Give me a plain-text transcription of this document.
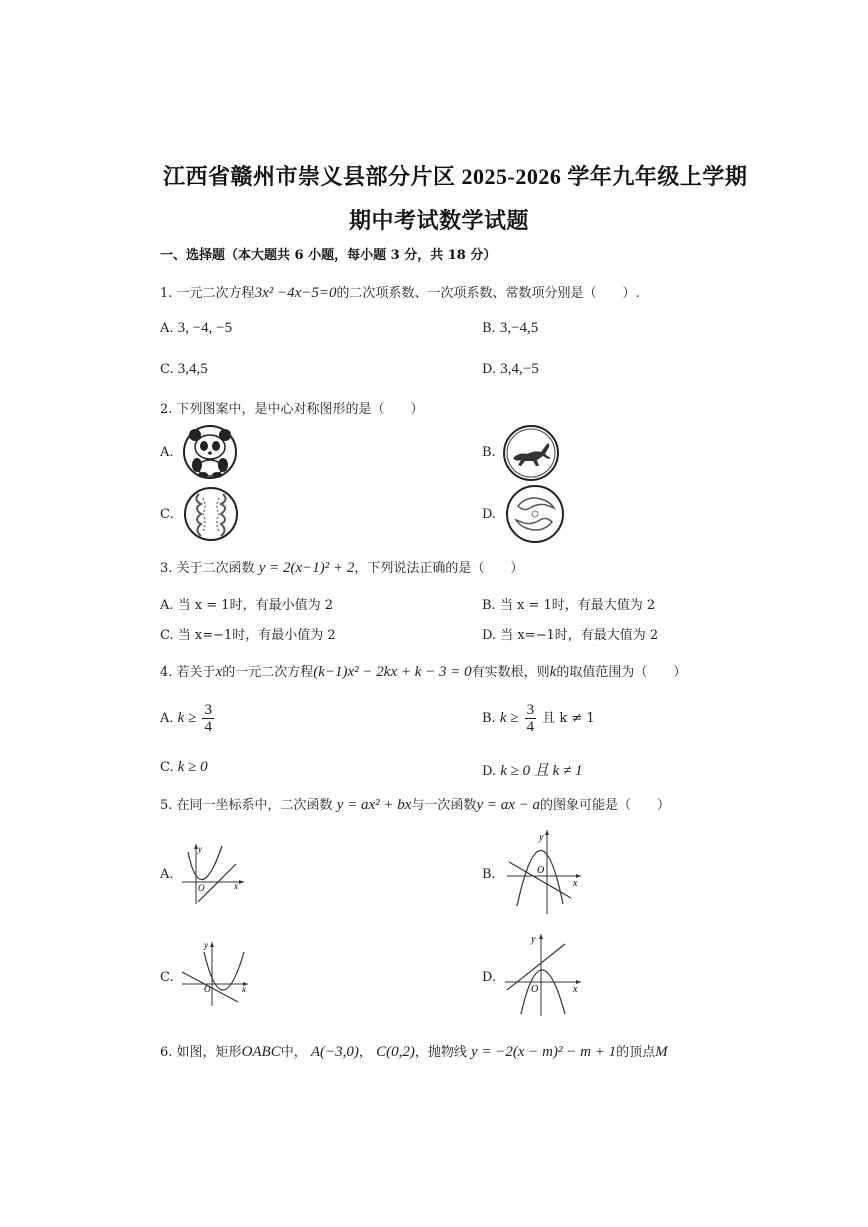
江西省赣州市崇义县部分片区 2025-2026 学年九年级上学期
期中考试数学试题
一、选择题（本大题共 6 小题，每小题 3 分，共 18 分）
1. 一元二次方程3x² −4x−5=0的二次项系数、一次项系数、常数项分别是（　　）.
A. 3, −4, −5	B. 3,−4,5
C. 3,4,5	D. 3,4,−5
2. 下列图案中，是中心对称图形的是（　　）
A.	B.
C.	D.
3. 关于二次函数 y = 2(x−1)² + 2，下列说法正确的是（　　）
A. 当 x = 1时，有最小值为 2	B. 当 x = 1时，有最大值为 2
C. 当 x=−1时，有最小值为 2	D. 当 x=−1时，有最大值为 2
4. 若关于x的一元二次方程(k−1)x² − 2kx + k − 3 = 0有实数根，则k的取值范围为（　　）
A. $k \ge \frac{3}{4}$	B. $k \ge \frac{3}{4}$ 且 k ≠ 1
C. k ≥ 0	D. k ≥ 0 且 k ≠ 1
5. 在同一坐标系中，二次函数 y = ax² + bx与一次函数y = ax − a的图象可能是（　　）
A.
y
x
O
B.
y
x
O
C.
y
x
O
D.
y
x
O
6. 如图，矩形OABC中， A(−3,0)， C(0,2)，抛物线 y = −2(x − m)² − m + 1的顶点M
